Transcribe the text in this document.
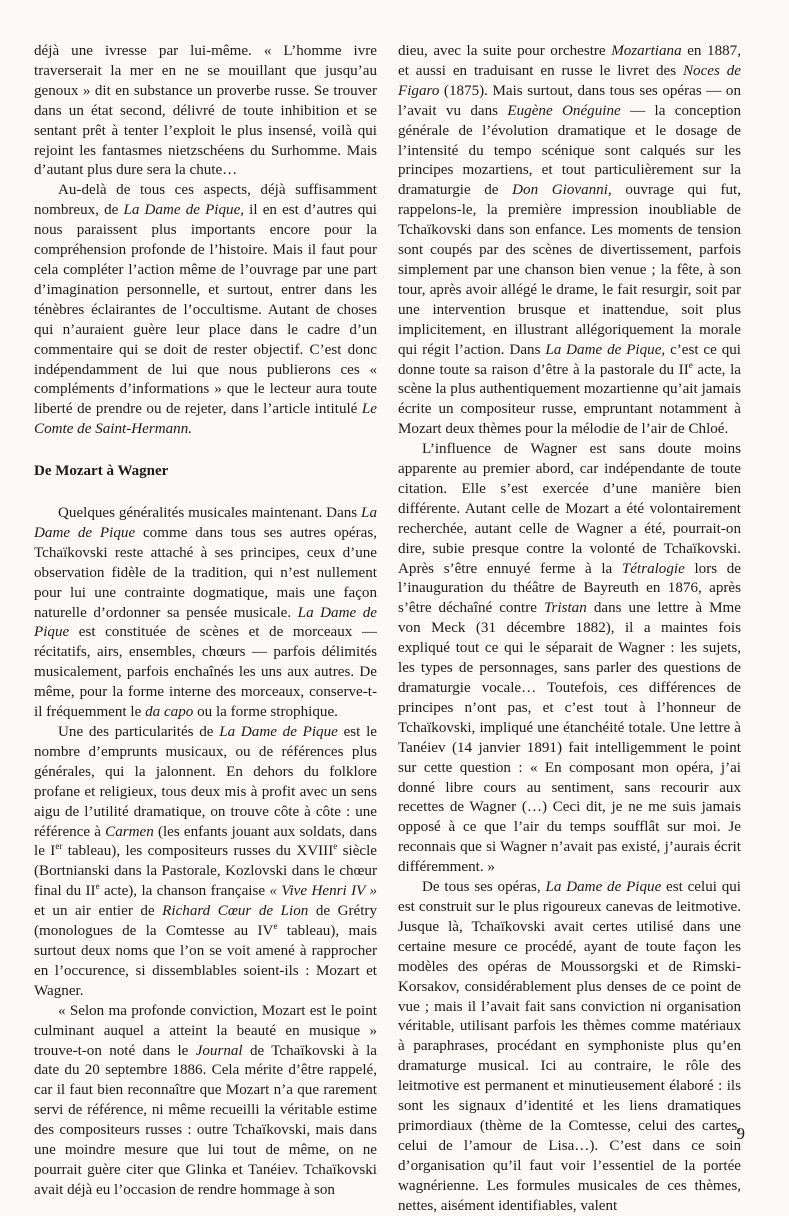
déjà une ivresse par lui-même. « L’homme ivre traverserait la mer en ne se mouillant que jusqu’au genoux » dit en substance un proverbe russe. Se trouver dans un état second, délivré de toute inhibition et se sentant prêt à tenter l’exploit le plus insensé, voilà qui rejoint les fantasmes nietzschéens du Surhomme. Mais d’autant plus dure sera la chute…

Au-delà de tous ces aspects, déjà suffisamment nombreux, de La Dame de Pique, il en est d’autres qui nous paraissent plus importants encore pour la compréhension profonde de l’histoire. Mais il faut pour cela compléter l’action même de l’ouvrage par une part d’imagination personnelle, et surtout, entrer dans les ténèbres éclairantes de l’occultisme. Autant de choses qui n’auraient guère leur place dans le cadre d’un commentaire qui se doit de rester objectif. C’est donc indépendamment de lui que nous publierons ces « compléments d’informations » que le lecteur aura toute liberté de prendre ou de rejeter, dans l’article intitulé Le Comte de Saint-Hermann.

De Mozart à Wagner

Quelques généralités musicales maintenant. Dans La Dame de Pique comme dans tous ses autres opéras, Tchaïkovski reste attaché à ses principes, ceux d’une observation fidèle de la tradition, qui n’est nullement pour lui une contrainte dogmatique, mais une façon naturelle d’ordonner sa pensée musicale. La Dame de Pique est constituée de scènes et de morceaux — récitatifs, airs, ensembles, chœurs — parfois délimités musicalement, parfois enchaînés les uns aux autres. De même, pour la forme interne des morceaux, conserve-t-il fréquemment le da capo ou la forme strophique.

Une des particularités de La Dame de Pique est le nombre d’emprunts musicaux, ou de références plus générales, qui la jalonnent. En dehors du folklore profane et religieux, tous deux mis à profit avec un sens aigu de l’utilité dramatique, on trouve côte à côte : une référence à Carmen (les enfants jouant aux soldats, dans le Ier tableau), les compositeurs russes du XVIIIe siècle (Bortnianski dans la Pastorale, Kozlovski dans le chœur final du IIe acte), la chanson française « Vive Henri IV » et un air entier de Richard Cœur de Lion de Grétry (monologues de la Comtesse au IVe tableau), mais surtout deux noms que l’on se voit amené à rapprocher en l’occurence, si dissemblables soient-ils : Mozart et Wagner.

« Selon ma profonde conviction, Mozart est le point culminant auquel a atteint la beauté en musique » trouve-t-on noté dans le Journal de Tchaïkovski à la date du 20 septembre 1886. Cela mérite d’être rappelé, car il faut bien reconnaître que Mozart n’a que rarement servi de référence, ni même recueilli la véritable estime des compositeurs russes : outre Tchaïkovski, mais dans une moindre mesure que lui tout de même, on ne pourrait guère citer que Glinka et Tanéiev. Tchaïkovski avait déjà eu l’occasion de rendre hommage à son

dieu, avec la suite pour orchestre Mozartiana en 1887, et aussi en traduisant en russe le livret des Noces de Figaro (1875). Mais surtout, dans tous ses opéras — on l’avait vu dans Eugène Onéguine — la conception générale de l’évolution dramatique et le dosage de l’intensité du tempo scénique sont calqués sur les principes mozartiens, et tout particulièrement sur la dramaturgie de Don Giovanni, ouvrage qui fut, rappelons-le, la première impression inoubliable de Tchaïkovski dans son enfance. Les moments de tension sont coupés par des scènes de divertissement, parfois simplement par une chanson bien venue ; la fête, à son tour, après avoir allégé le drame, le fait resurgir, soit par une intervention brusque et inattendue, soit plus implicitement, en illustrant allégoriquement la morale qui régit l’action. Dans La Dame de Pique, c’est ce qui donne toute sa raison d’être à la pastorale du IIe acte, la scène la plus authentiquement mozartienne qu’ait jamais écrite un compositeur russe, empruntant notamment à Mozart deux thèmes pour la mélodie de l’air de Chloé.

L’influence de Wagner est sans doute moins apparente au premier abord, car indépendante de toute citation. Elle s’est exercée d’une manière bien différente. Autant celle de Mozart a été volontairement recherchée, autant celle de Wagner a été, pourrait-on dire, subie presque contre la volonté de Tchaïkovski. Après s’être ennuyé ferme à la Tétralogie lors de l’inauguration du théâtre de Bayreuth en 1876, après s’être déchaîné contre Tristan dans une lettre à Mme von Meck (31 décembre 1882), il a maintes fois expliqué tout ce qui le séparait de Wagner : les sujets, les types de personnages, sans parler des questions de dramaturgie vocale… Toutefois, ces différences de principes n’ont pas, et c’est tout à l’honneur de Tchaïkovski, impliqué une étanchéité totale. Une lettre à Tanéiev (14 janvier 1891) fait intelligemment le point sur cette question : « En composant mon opéra, j’ai donné libre cours au sentiment, sans recourir aux recettes de Wagner (…) Ceci dit, je ne me suis jamais opposé à ce que l’air du temps soufflât sur moi. Je reconnais que si Wagner n’avait pas existé, j’aurais écrit différemment. »

De tous ses opéras, La Dame de Pique est celui qui est construit sur le plus rigoureux canevas de leitmotive. Jusque là, Tchaïkovski avait certes utilisé dans une certaine mesure ce procédé, ayant de toute façon les modèles des opéras de Moussorgski et de Rimski-Korsakov, considérablement plus denses de ce point de vue ; mais il l’avait fait sans conviction ni organisation véritable, utilisant parfois les thèmes comme matériaux à paraphrases, procédant en symphoniste plus qu’en dramaturge musical. Ici au contraire, le rôle des leitmotive est permanent et minutieusement élaboré : ils sont les signaux d’identité et les liens dramatiques primordiaux (thème de la Comtesse, celui des cartes, celui de l’amour de Lisa…). C’est dans ce soin d’organisation qu’il faut voir l’essentiel de la portée wagnérienne. Les formules musicales de ces thèmes, nettes, aisément identifiables, valent

9
